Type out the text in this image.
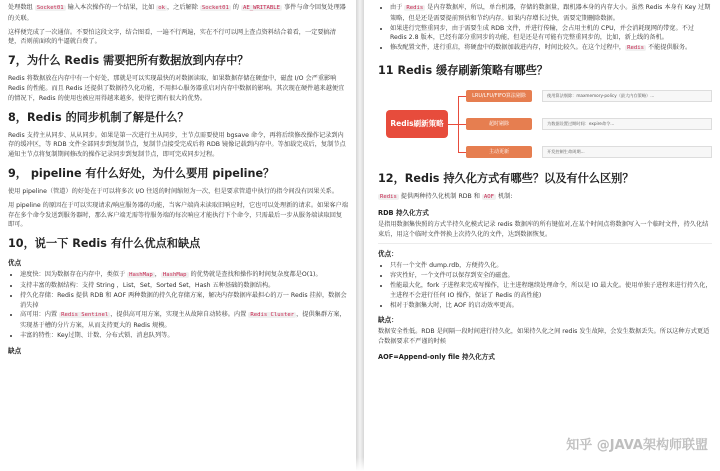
处理数组 Socket01 输入本次操作的一个结果，比如 ok ，之后解除 Socket01 的 AE_WRITABLE 事件与命令回复处理器的关联。

这样便完成了一次通信。不要怕这段文字，结合图看，一遍不行两遍，实在不行可以网上查点资料结合着看，一定要搞清楚，否则前面吹的牛逼就白费了。

7，为什么 Redis 需要把所有数据放到内存中？

Redis 将数据放在内存中有一个好处，那就是可以实现最快的对数据读取，如果数据存储在硬盘中，磁盘 I/O 会严重影响 Redis 的性能。而且 Redis 还提供了数据持久化功能，不用担心服务器重启对内存中数据的影响。其次现在硬件越来越便宜的情况下，Redis 的使用也被应用得越来越多，使得它拥有很大的优势。

8，Redis 的同步机制了解是什么？

Redis 支持主从同步、从从同步。如果是第一次进行主从同步，主节点需要使用 bgsave 命令，再将后续修改操作记录到内存的缓冲区，等 RDB 文件全部同步到复制节点，复制节点接受完成后将 RDB 镜像记载到内存中。等加载完成后，复制节点通知主节点将复制期间修改的操作记录同步到复制节点，即可完成同步过程。

9， pipeline 有什么好处，为什么要用 pipeline？

使用 pipeline（管道）的好处在于可以将多次 I/O 往返的时间缩短为一次，但是要求管道中执行的指令间没有因果关系。

用 pipeline 的原因在于可以实现请求/响应服务器的功能，当客户端尚未读取旧响应时，它也可以处理新的请求。如果客户端存在多个命令发送到服务器时，那么客户端无需等待服务端的每次响应才能执行下个命令，只需最后一步从服务端读取回复即可。

10，说一下 Redis 有什么优点和缺点
优点
• 速度快：因为数据存在内存中，类似于 HashMap ， HashMap 的优势就是查找和操作的时间复杂度都是O(1)。
• 支持丰富的数据结构：支持 String ，List，Set，Sorted Set，Hash 五种基础的数据结构。
• 持久化存储：Redis 提供 RDB 和 AOF 两种数据的持久化存储方案，解决内存数据库最担心的万一 Redis 挂掉，数据会消失掉
• 高可用：内置 Redis Sentinel ，提供高可用方案，实现主从故障自动转移。内置 Redis Cluster ，提供集群方案，实现基于槽的分片方案，从而支持更大的 Redis 规模。
• 丰富的特性：Key过期、计数、分布式锁、消息队列等。
缺点
• 由于 Redis 是内存数据库，所以，单台机器，存储的数据量，跟机器本身的内存大小。虽然 Redis 本身有 Key 过期策略，但是还是需要提前预估和节约内存。如果内存增长过快，需要定期删除数据。
• 如果进行完整重同步，由于需要生成 RDB 文件，并进行传输，会占用主机的 CPU，并会消耗现网的带宽。不过 Redis 2.8 版本，已经有部分重同步的功能，但是还是有可能有完整重同步的，比如，新上线的备机。
• 修改配置文件，进行重启，将硬盘中的数据加载进内存，时间比较久。在这个过程中， Redis 不能提供服务。
11 Redis 缓存刷新策略有哪些？
Redis刷新策略
LRU/LFU/FIFO算法剔除
超时剔除
主动更新
使用算法剔除：maxmemory-policy（最大内存策略）…
为数据设置过期时间：expire命令…
开发控制生命周期…
12，Redis 持久化方式有哪些？以及有什么区别？

Redis 提供两种持久化机制 RDB 和 AOF 机制:

RDB 持久化方式

是指用数据集快照的方式半持久化模式记录 redis 数据库的所有键值对,在某个时间点将数据写入一个临时文件，持久化结束后，用这个临时文件替换上次持久化的文件，达到数据恢复。

优点：
• 只有一个文件 dump.rdb，方便持久化。
• 容灾性好，一个文件可以保存到安全的磁盘。
• 性能最大化，fork 子进程来完成写操作，让主进程继续处理命令，所以是 IO 最大化。使用单独子进程来进行持久化，主进程不会进行任何 IO 操作，保证了 Redis 的高性能)
• 相对于数据集大时，比 AOF 的启动效率更高。
缺点：

数据安全性低。RDB 是间隔一段时间进行持久化，如果持久化之间 redis 发生故障，会发生数据丢失。所以这种方式更适合数据要求不严谨的时候

AOF=Append-only file 持久化方式
知乎 @JAVA架构师联盟
